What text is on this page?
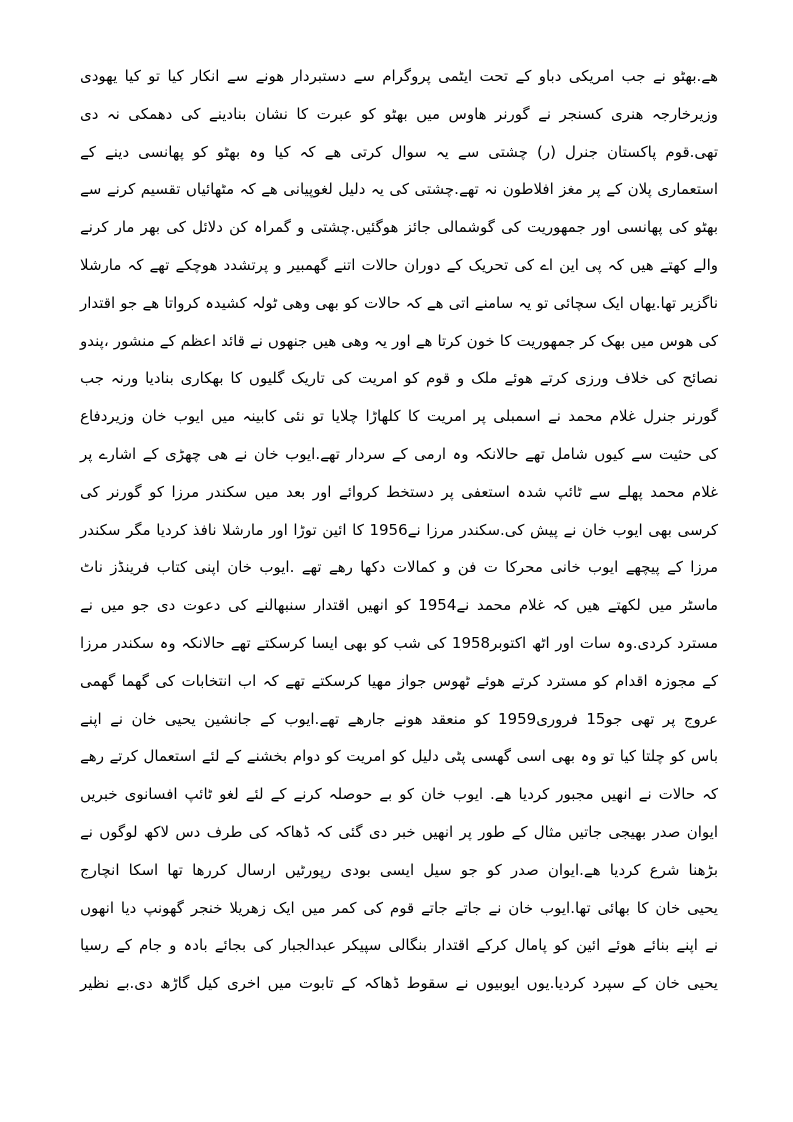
ھے.بھٹو نے جب امریکی دباو کے تحت ایٹمی پروگرام سے دستبردار ھونے سے انکار کیا تو کیا یھودی
وزیرخارجہ ھنری کسنجر نے گورنر ھاوس میں بھٹو کو عبرت کا نشان بنادینے کی دھمکی نہ دی
تھی.قوم پاکستان جنرل (ر) چشتی سے یہ سوال کرتی ھے کہ کیا وہ بھٹو کو پھانسی دینے کے
استعماری پلان کے پر مغز افلاطون نہ تھے.چشتی کی یہ دلیل لغوپیانی ھے کہ مٹھائیاں تقسیم کرنے سے
بھٹو کی پھانسی اور جمھوریت کی گوشمالی جائز ھوگئیں.چشتی و گمراہ کن دلائل کی بھر مار کرنے
والے کھتے ھیں کہ پی این اے کی تحریک کے دوران حالات اتنے گھمبیر و پرتشدد ھوچکے تھے کہ مارشلا
ناگزیر تھا.یھاں ایک سچائی تو یہ سامنے اتی ھے کہ حالات کو بھی وھی ٹولہ کشیدہ کرواتا ھے جو اقتدار
کی ھوس میں بھک کر جمھوریت کا خون کرتا ھے اور یہ وھی ھیں جنھوں نے قائد اعظم کے منشور ،پندو
نصائح کی خلاف ورزی کرتے ھوئے ملک و قوم کو امریت کی تاریک گلیوں کا بھکاری بنادیا ورنہ جب
گورنر جنرل غلام محمد نے اسمبلی پر امریت کا کلھاڑا چلایا تو نئی کابینہ میں ایوب خان وزیردفاع
کی حثیت سے کیوں شامل تھے حالانکہ وہ ارمی کے سردار تھے.ایوب خان نے ھی چھڑی کے اشارے پر
غلام محمد پھلے سے ٹائپ شدہ استعفی پر دستخط کروائے اور بعد میں سکندر مرزا کو گورنر کی
کرسی بھی ایوب خان نے پیش کی.سکندر مرزا نے1956 کا ائین توڑا اور مارشلا نافذ کردیا مگر سکندر
مرزا کے پیچھے ایوب خانی محرکا ت فن و کمالات دکھا رھے تھے .ایوب خان اپنی کتاب فرینڈز ناٹ
ماسٹر میں لکھتے ھیں کہ غلام محمد نے1954 کو انھیں اقتدار سنبھالنے کی دعوت دی جو میں نے
مسترد کردی.وہ سات اور اٹھ اکتوبر1958 کی شب کو بھی ایسا کرسکتے تھے حالانکہ وہ سکندر مرزا
کے مجوزہ اقدام کو مسترد کرتے ھوئے ٹھوس جواز مھیا کرسکتے تھے کہ اب انتخابات کی گھما گھمی
عروج پر تھی جو15 فروری1959 کو منعقد ھونے جارھے تھے.ایوب کے جانشین یحیی خان نے اپنے
باس کو چلتا کیا تو وہ بھی اسی گھسی پٹی دلیل کو امریت کو دوام بخشنے کے لئے استعمال کرتے رھے
کہ حالات نے انھیں مجبور کردیا ھے. ایوب خان کو بے حوصلہ کرنے کے لئے لغو ٹائپ افسانوی خبریں
ایوان صدر بھیجی جاتیں مثال کے طور پر انھیں خبر دی گئی کہ ڈھاکہ کی طرف دس لاکھ لوگوں نے
بڑھنا شرع کردیا ھے.ایوان صدر کو جو سیل ایسی بودی رپورٹیں ارسال کررھا تھا اسکا انچارج
یحیی خان کا بھائی تھا.ایوب خان نے جاتے جاتے قوم کی کمر میں ایک زھریلا خنجر گھونپ دیا انھوں
نے اپنے بنائے ھوئے ائین کو پامال کرکے اقتدار بنگالی سپیکر عبدالجبار کی بجائے بادہ و جام کے رسیا
یحیی خان کے سپرد کردیا.یوں ایوبیوں نے سقوط ڈھاکہ کے تابوت میں اخری کیل گاڑھ دی.بے نظیر
